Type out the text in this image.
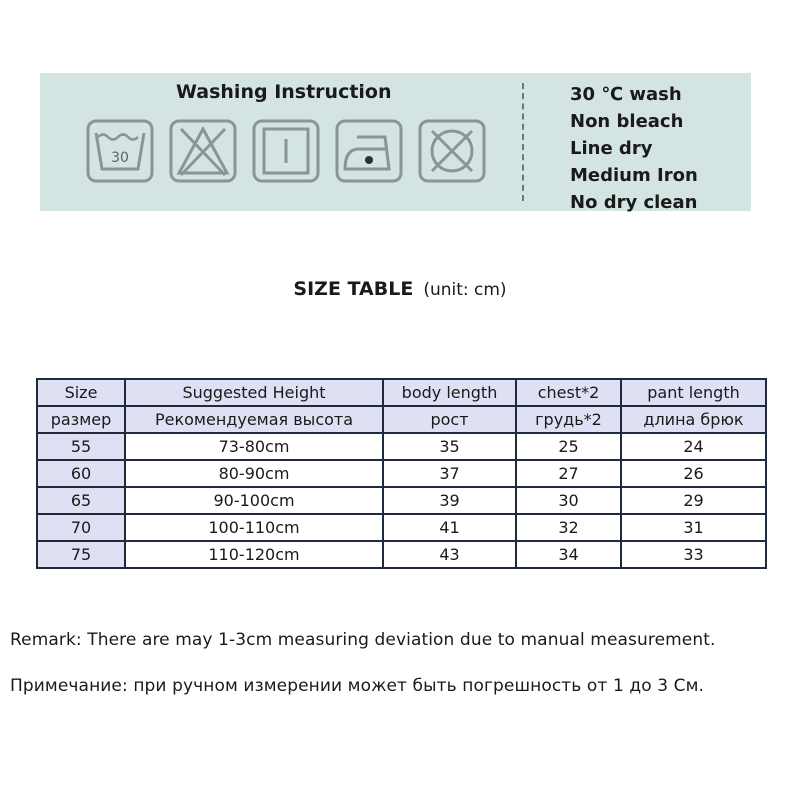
Washing Instruction
30
30 ℃ wash
Non bleach
Line dry
Medium Iron
No dry clean
SIZE TABLE (unit: cm)
Size	Suggested Height	body length	chest*2	pant length
размер	Рекомендуемая высота	рост	грудь*2	длина брюк
55	73-80cm	35	25	24
60	80-90cm	37	27	26
65	90-100cm	39	30	29
70	100-110cm	41	32	31
75	110-120cm	43	34	33
Remark: There are may 1-3cm measuring deviation due to manual measurement.
Примечание: при ручном измерении может быть погрешность от 1 до 3 См.
